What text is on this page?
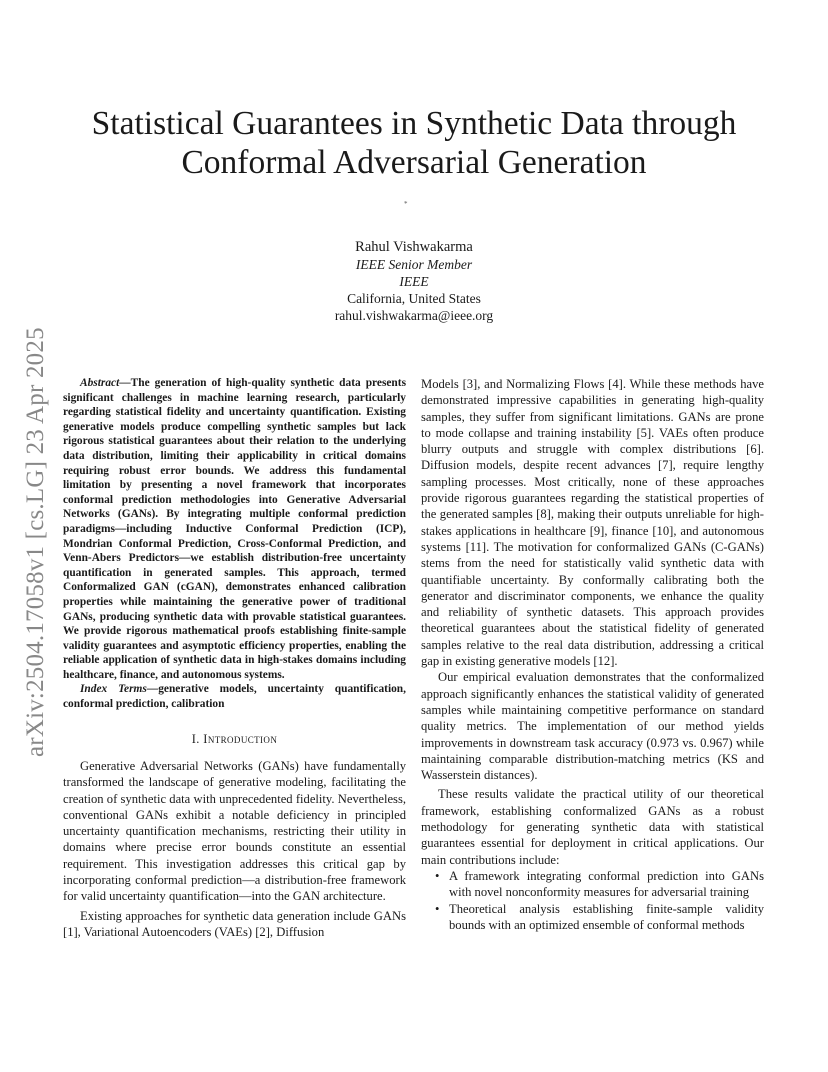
arXiv:2504.17058v1 [cs.LG] 23 Apr 2025
Statistical Guarantees in Synthetic Data through
Conformal Adversarial Generation
*
Rahul Vishwakarma
IEEE Senior Member
IEEE
California, United States
rahul.vishwakarma@ieee.org

Abstract—The generation of high-quality synthetic data presents significant challenges in machine learning research, particularly regarding statistical fidelity and uncertainty quantification. Existing generative models produce compelling synthetic samples but lack rigorous statistical guarantees about their relation to the underlying data distribution, limiting their applicability in critical domains requiring robust error bounds. We address this fundamental limitation by presenting a novel framework that incorporates conformal prediction methodologies into Generative Adversarial Networks (GANs). By integrating multiple conformal prediction paradigms—including Inductive Conformal Prediction (ICP), Mondrian Conformal Prediction, Cross-Conformal Prediction, and Venn-Abers Predictors—we establish distribution-free uncertainty quantification in generated samples. This approach, termed Conformalized GAN (cGAN), demonstrates enhanced calibration properties while maintaining the generative power of traditional GANs, producing synthetic data with provable statistical guarantees. We provide rigorous mathematical proofs establishing finite-sample validity guarantees and asymptotic efficiency properties, enabling the reliable application of synthetic data in high-stakes domains including healthcare, finance, and autonomous systems.

Index Terms—generative models, uncertainty quantification, conformal prediction, calibration

I. Introduction

Generative Adversarial Networks (GANs) have fundamentally transformed the landscape of generative modeling, facilitating the creation of synthetic data with unprecedented fidelity. Nevertheless, conventional GANs exhibit a notable deficiency in principled uncertainty quantification mechanisms, restricting their utility in domains where precise error bounds constitute an essential requirement. This investigation addresses this critical gap by incorporating conformal prediction—a distribution-free framework for valid uncertainty quantification—into the GAN architecture.

Existing approaches for synthetic data generation include GANs [1], Variational Autoencoders (VAEs) [2], Diffusion

Models [3], and Normalizing Flows [4]. While these methods have demonstrated impressive capabilities in generating high-quality samples, they suffer from significant limitations. GANs are prone to mode collapse and training instability [5]. VAEs often produce blurry outputs and struggle with complex distributions [6]. Diffusion models, despite recent advances [7], require lengthy sampling processes. Most critically, none of these approaches provide rigorous guarantees regarding the statistical properties of the generated samples [8], making their outputs unreliable for high-stakes applications in healthcare [9], finance [10], and autonomous systems [11]. The motivation for conformalized GANs (C-GANs) stems from the need for statistically valid synthetic data with quantifiable uncertainty. By conformally calibrating both the generator and discriminator components, we enhance the quality and reliability of synthetic datasets. This approach provides theoretical guarantees about the statistical fidelity of generated samples relative to the real data distribution, addressing a critical gap in existing generative models [12].

Our empirical evaluation demonstrates that the conformalized approach significantly enhances the statistical validity of generated samples while maintaining competitive performance on standard quality metrics. The implementation of our method yields improvements in downstream task accuracy (0.973 vs. 0.967) while maintaining comparable distribution-matching metrics (KS and Wasserstein distances).

These results validate the practical utility of our theoretical framework, establishing conformalized GANs as a robust methodology for generating synthetic data with statistical guarantees essential for deployment in critical applications. Our main contributions include:

• A framework integrating conformal prediction into GANs with novel nonconformity measures for adversarial training
• Theoretical analysis establishing finite-sample validity bounds with an optimized ensemble of conformal methods
